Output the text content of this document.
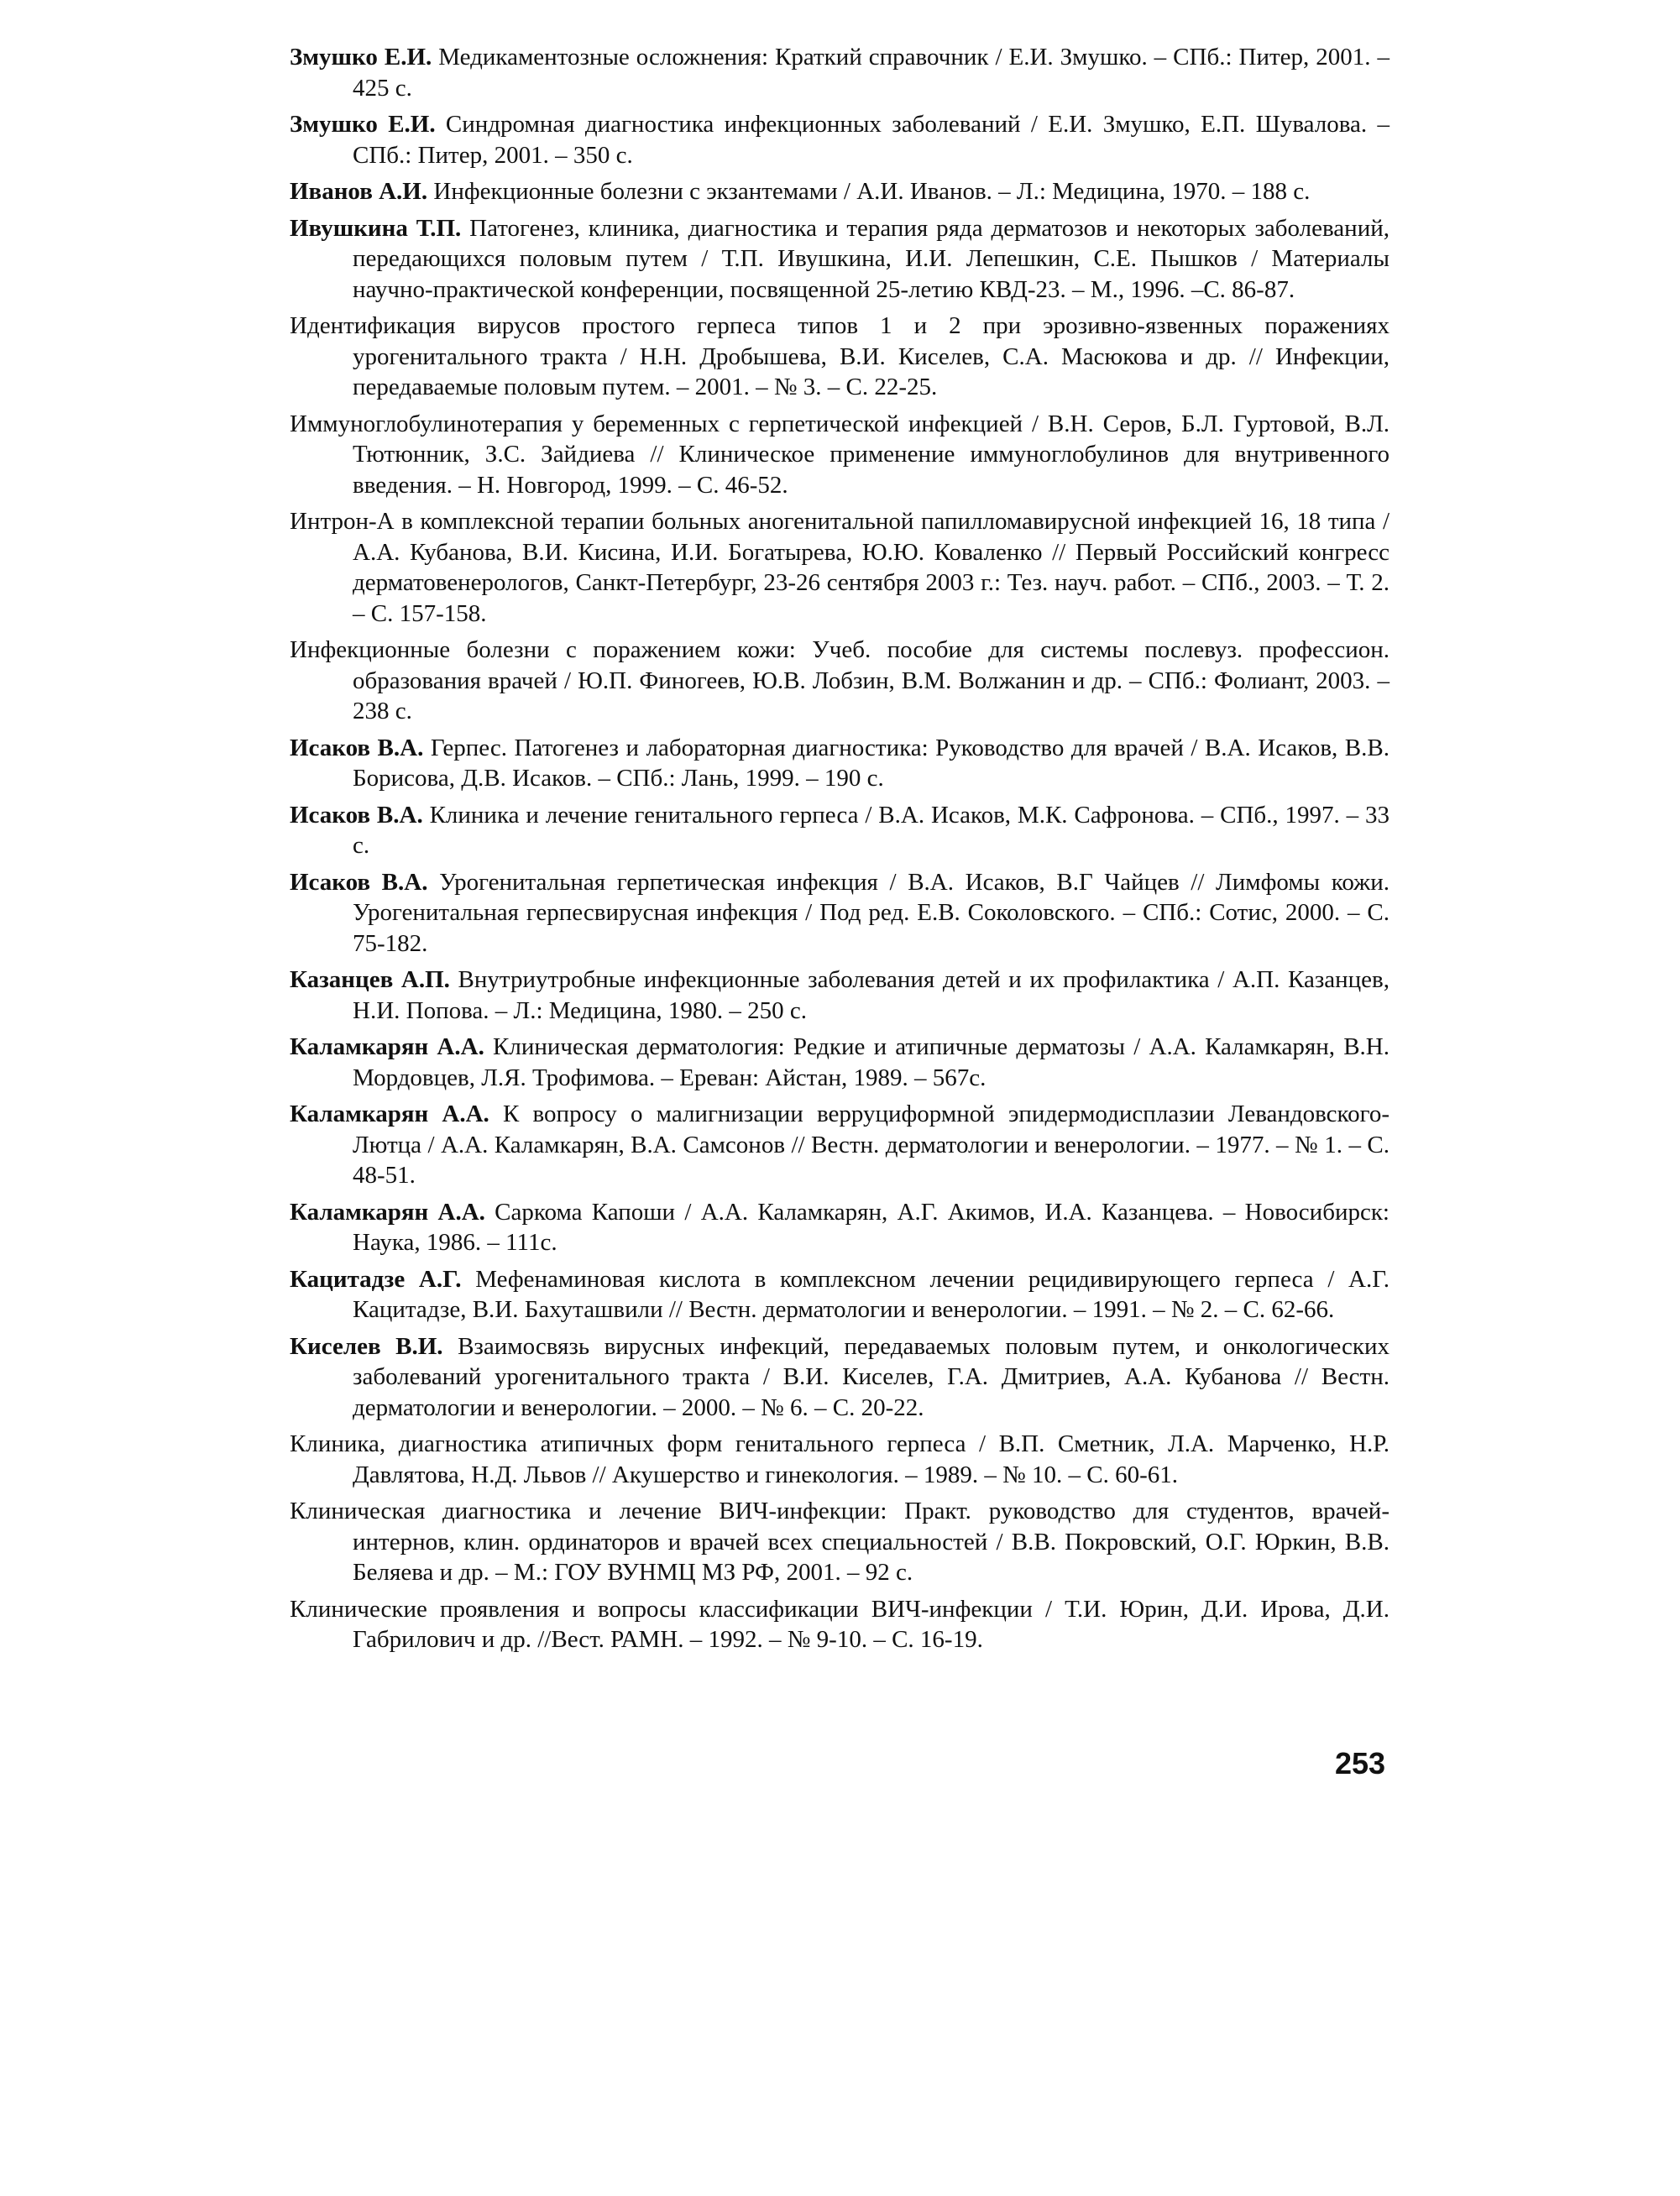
Змушко Е.И. Медикаментозные осложнения: Краткий справочник / Е.И. Змушко. – СПб.: Питер, 2001. – 425 с.

Змушко Е.И. Синдромная диагностика инфекционных заболеваний / Е.И. Змушко, Е.П. Шувалова. – СПб.: Питер, 2001. – 350 с.

Иванов А.И. Инфекционные болезни с экзантемами / А.И. Иванов. – Л.: Медицина, 1970. – 188 с.

Ивушкина Т.П. Патогенез, клиника, диагностика и терапия ряда дерматозов и некоторых заболеваний, передающихся половым путем / Т.П. Ивушкина, И.И. Лепешкин, С.Е. Пышков / Материалы научно-практической конференции, посвященной 25-летию КВД-23. – М., 1996. –С. 86-87.

Идентификация вирусов простого герпеса типов 1 и 2 при эрозивно-язвенных поражениях урогенитального тракта / Н.Н. Дробышева, В.И. Киселев, С.А. Масюкова и др. // Инфекции, передаваемые половым путем. – 2001. – № 3. – С. 22-25.

Иммуноглобулинотерапия у беременных с герпетической инфекцией / В.Н. Серов, Б.Л. Гуртовой, В.Л. Тютюнник, З.С. Зайдиева // Клиническое применение иммуноглобулинов для внутривенного введения. – Н. Новгород, 1999. – С. 46-52.

Интрон-А в комплексной терапии больных аногенитальной папилломавирусной инфекцией 16, 18 типа / А.А. Кубанова, В.И. Кисина, И.И. Богатырева, Ю.Ю. Коваленко // Первый Российский конгресс дерматовенерологов, Санкт-Петербург, 23-26 сентября 2003 г.: Тез. науч. работ. – СПб., 2003. – Т. 2. – С. 157-158.

Инфекционные болезни с поражением кожи: Учеб. пособие для системы послевуз. профессион. образования врачей / Ю.П. Финогеев, Ю.В. Лобзин, В.М. Волжанин и др. – СПб.: Фолиант, 2003. – 238 с.

Исаков В.А. Герпес. Патогенез и лабораторная диагностика: Руководство для врачей / В.А. Исаков, В.В. Борисова, Д.В. Исаков. – СПб.: Лань, 1999. – 190 с.

Исаков В.А. Клиника и лечение генитального герпеса / В.А. Исаков, М.К. Сафронова. – СПб., 1997. – 33 с.

Исаков В.А. Урогенитальная герпетическая инфекция / В.А. Исаков, В.Г Чайцев // Лимфомы кожи. Урогенитальная герпесвирусная инфекция / Под ред. Е.В. Соколовского. – СПб.: Сотис, 2000. – С. 75-182.

Казанцев А.П. Внутриутробные инфекционные заболевания детей и их профилактика / А.П. Казанцев, Н.И. Попова. – Л.: Медицина, 1980. – 250 с.

Каламкарян А.А. Клиническая дерматология: Редкие и атипичные дерматозы / А.А. Каламкарян, В.Н. Мордовцев, Л.Я. Трофимова. – Ереван: Айстан, 1989. – 567с.

Каламкарян А.А. К вопросу о малигнизации верруциформной эпидермодисплазии Левандовского-Лютца / А.А. Каламкарян, В.А. Самсонов // Вестн. дерматологии и венерологии. – 1977. – № 1. – С. 48-51.

Каламкарян А.А. Саркома Капоши / А.А. Каламкарян, А.Г. Акимов, И.А. Казанцева. – Новосибирск: Наука, 1986. – 111с.

Кацитадзе А.Г. Мефенаминовая кислота в комплексном лечении рецидивирующего герпеса / А.Г. Кацитадзе, В.И. Бахуташвили // Вестн. дерматологии и венерологии. – 1991. – № 2. – С. 62-66.

Киселев В.И. Взаимосвязь вирусных инфекций, передаваемых половым путем, и онкологических заболеваний урогенитального тракта / В.И. Киселев, Г.А. Дмитриев, А.А. Кубанова // Вестн. дерматологии и венерологии. – 2000. – № 6. – С. 20-22.

Клиника, диагностика атипичных форм генитального герпеса / В.П. Сметник, Л.А. Марченко, Н.Р. Давлятова, Н.Д. Львов // Акушерство и гинекология. – 1989. – № 10. – С. 60-61.

Клиническая диагностика и лечение ВИЧ-инфекции: Практ. руководство для студентов, врачей-интернов, клин. ординаторов и врачей всех специальностей / В.В. Покровский, О.Г. Юркин, В.В. Беляева и др. – М.: ГОУ ВУНМЦ МЗ РФ, 2001. – 92 с.

Клинические проявления и вопросы классификации ВИЧ-инфекции / Т.И. Юрин, Д.И. Ирова, Д.И. Габрилович и др. //Вест. РАМН. – 1992. – № 9-10. – С. 16-19.

253
